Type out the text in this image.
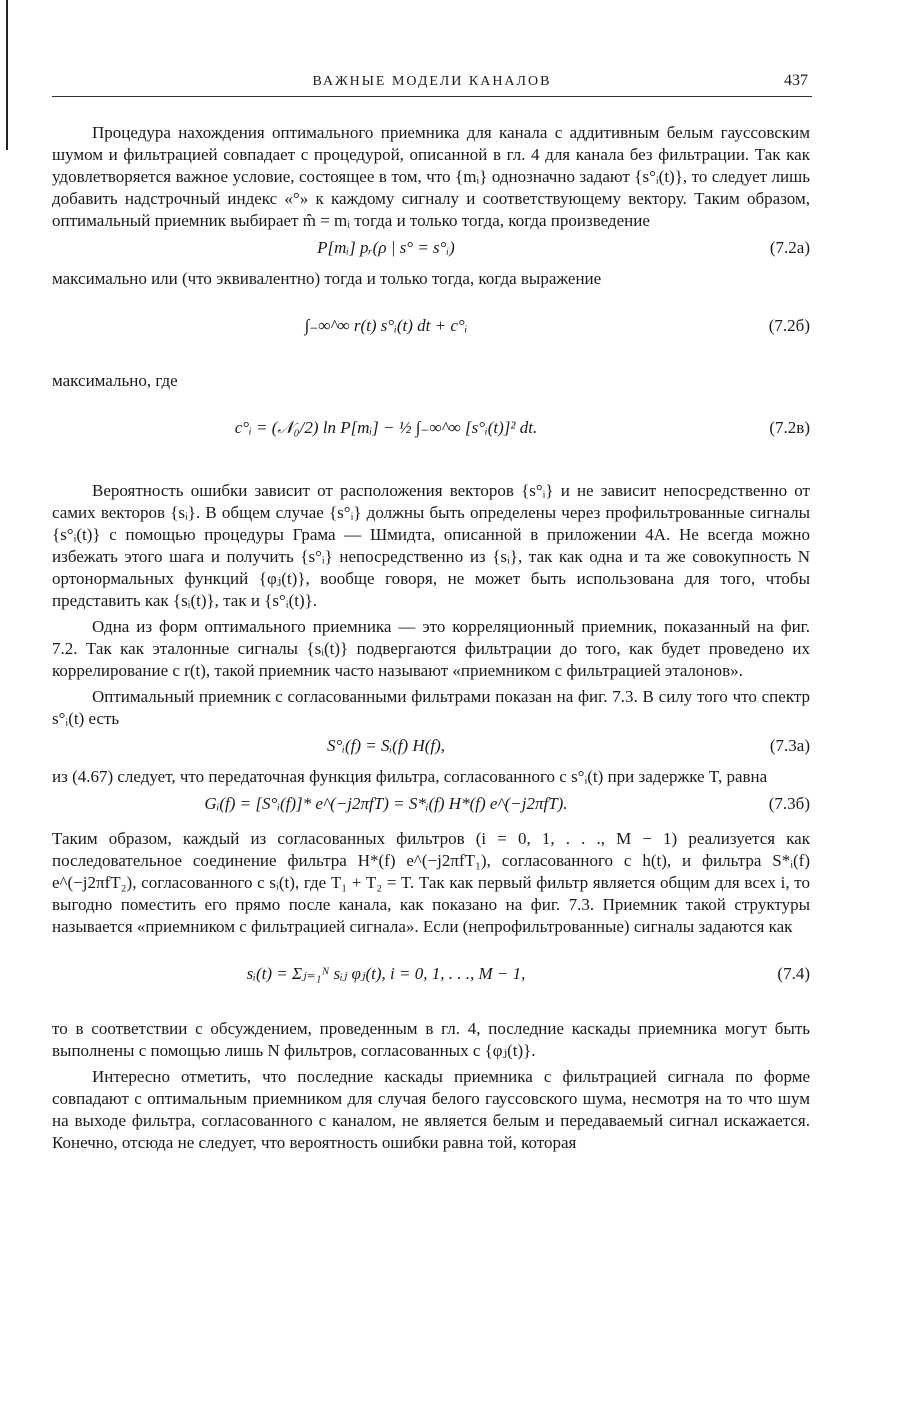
ВАЖНЫЕ МОДЕЛИ КАНАЛОВ	437

Процедура нахождения оптимального приемника для канала с аддитивным белым гауссовским шумом и фильтрацией совпадает с процедурой, описанной в гл. 4 для канала без фильтрации. Так как удовлетворяется важное условие, состоящее в том, что {mᵢ} однозначно задают {s°ᵢ(t)}, то следует лишь добавить надстрочный индекс «°» к каждому сигналу и соответствующему вектору. Таким образом, оптимальный приемник выбирает m̂ = mᵢ тогда и только тогда, когда произведение

P[mᵢ] pᵣ(ρ | s° = s°ᵢ)	(7.2а)

максимально или (что эквивалентно) тогда и только тогда, когда выражение

∫₋∞^∞ r(t) s°ᵢ(t) dt + c°ᵢ	(7.2б)

максимально, где

c°ᵢ = (𝒩₀/2) ln P[mᵢ] − ½ ∫₋∞^∞ [s°ᵢ(t)]² dt.	(7.2в)

Вероятность ошибки зависит от расположения векторов {s°ᵢ} и не зависит непосредственно от самих векторов {sᵢ}. В общем случае {s°ᵢ} должны быть определены через профильтрованные сигналы {s°ᵢ(t)} с помощью процедуры Грама — Шмидта, описанной в приложении 4А. Не всегда можно избежать этого шага и получить {s°ᵢ} непосредственно из {sᵢ}, так как одна и та же совокупность N ортонормальных функций {φⱼ(t)}, вообще говоря, не может быть использована для того, чтобы представить как {sᵢ(t)}, так и {s°ᵢ(t)}.

Одна из форм оптимального приемника — это корреляционный приемник, показанный на фиг. 7.2. Так как эталонные сигналы {sᵢ(t)} подвергаются фильтрации до того, как будет проведено их коррелирование с r(t), такой приемник часто называют «приемником с фильтрацией эталонов».

Оптимальный приемник с согласованными фильтрами показан на фиг. 7.3. В силу того что спектр s°ᵢ(t) есть

S°ᵢ(f) = Sᵢ(f) H(f),	(7.3а)

из (4.67) следует, что передаточная функция фильтра, согласованного с s°ᵢ(t) при задержке T, равна

Gᵢ(f) = [S°ᵢ(f)]* e^(−j2πfT) = S*ᵢ(f) H*(f) e^(−j2πfT).	(7.3б)

Таким образом, каждый из согласованных фильтров (i = 0, 1, . . ., M − 1) реализуется как последовательное соединение фильтра H*(f) e^(−j2πfT₁), согласованного с h(t), и фильтра S*ᵢ(f) e^(−j2πfT₂), согласованного с sᵢ(t), где T₁ + T₂ = T. Так как первый фильтр является общим для всех i, то выгодно поместить его прямо после канала, как показано на фиг. 7.3. Приемник такой структуры называется «приемником с фильтрацией сигнала». Если (непрофильтрованные) сигналы задаются как

sᵢ(t) = Σⱼ₌₁ᴺ sᵢⱼ φⱼ(t), i = 0, 1, . . ., M − 1,	(7.4)

то в соответствии с обсуждением, проведенным в гл. 4, последние каскады приемника могут быть выполнены с помощью лишь N фильтров, согласованных с {φⱼ(t)}.

Интересно отметить, что последние каскады приемника с фильтрацией сигнала по форме совпадают с оптимальным приемником для случая белого гауссовского шума, несмотря на то что шум на выходе фильтра, согласованного с каналом, не является белым и передаваемый сигнал искажается. Конечно, отсюда не следует, что вероятность ошибки равна той, которая
